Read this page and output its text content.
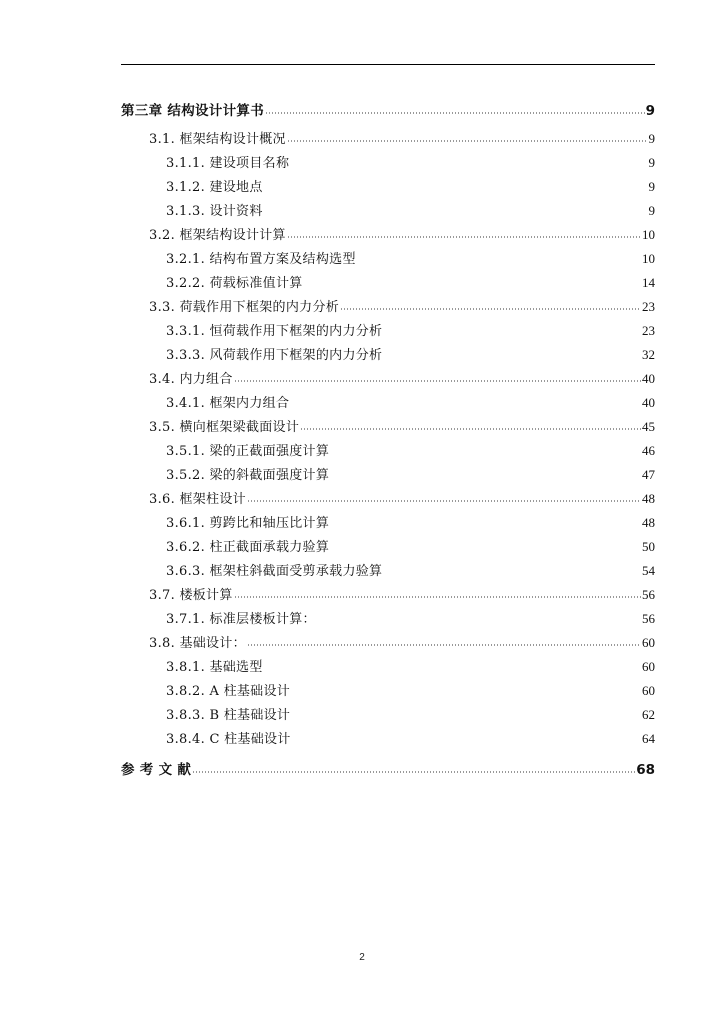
第三章 结构设计计算书	9
3.1. 框架结构设计概况	9
3.1.1. 建设项目名称	9
3.1.2. 建设地点	9
3.1.3. 设计资料	9
3.2. 框架结构设计计算	10
3.2.1. 结构布置方案及结构选型	10
3.2.2. 荷载标准值计算	14
3.3. 荷载作用下框架的内力分析	23
3.3.1. 恒荷载作用下框架的内力分析	23
3.3.3. 风荷载作用下框架的内力分析	32
3.4. 内力组合	40
3.4.1. 框架内力组合	40
3.5. 横向框架梁截面设计	45
3.5.1. 梁的正截面强度计算	46
3.5.2. 梁的斜截面强度计算	47
3.6. 框架柱设计	48
3.6.1. 剪跨比和轴压比计算	48
3.6.2. 柱正截面承载力验算	50
3.6.3. 框架柱斜截面受剪承载力验算	54
3.7. 楼板计算	56
3.7.1. 标准层楼板计算：	56
3.8. 基础设计：	60
3.8.1. 基础选型	60
3.8.2. A 柱基础设计	60
3.8.3. B 柱基础设计	62
3.8.4. C 柱基础设计	64
参 考 文 献	68
2
